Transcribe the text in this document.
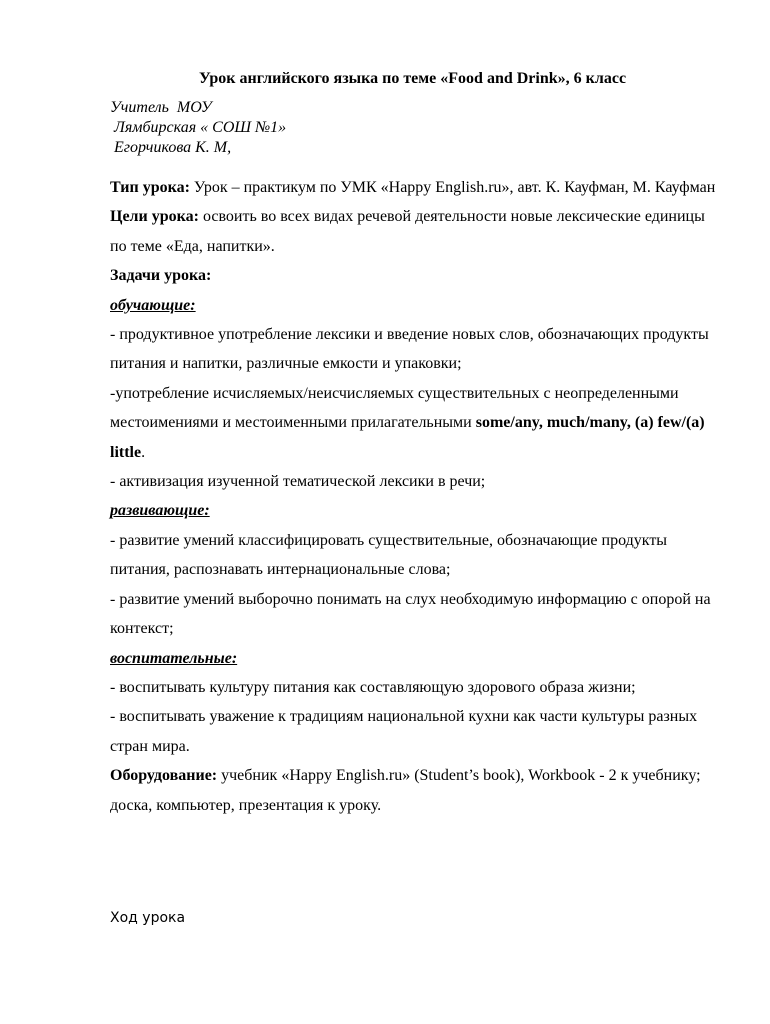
Урок английского языка по теме «Food and Drink», 6 класс
Учитель  МОУ
Лямбирская « СОШ №1»
Егорчикова К. М,

Тип урока: Урок – практикум по УМК «Happy English.ru», авт. К. Кауфман, М. Кауфман

Цели урока: освоить во всех видах речевой деятельности новые лексические единицы по теме «Еда, напитки».

Задачи урока:

обучающие:

- продуктивное употребление лексики и введение новых слов, обозначающих продукты питания и напитки, различные емкости и упаковки;

-употребление исчисляемых/неисчисляемых существительных с неопределенными местоимениями и местоименными прилагательными some/any, much/many, (a) few/(a) little.

- активизация изученной тематической лексики в речи;

развивающие:

- развитие умений классифицировать существительные, обозначающие продукты питания, распознавать интернациональные слова;

- развитие умений выборочно понимать на слух необходимую информацию с опорой на контекст;

воспитательные:

- воспитывать культуру питания как составляющую здорового образа жизни;

- воспитывать уважение к традициям национальной кухни как части культуры разных стран мира.

Оборудование: учебник «Happy English.ru» (Student’s book), Workbook - 2 к учебнику;

доска, компьютер, презентация к уроку.

Ход урока
